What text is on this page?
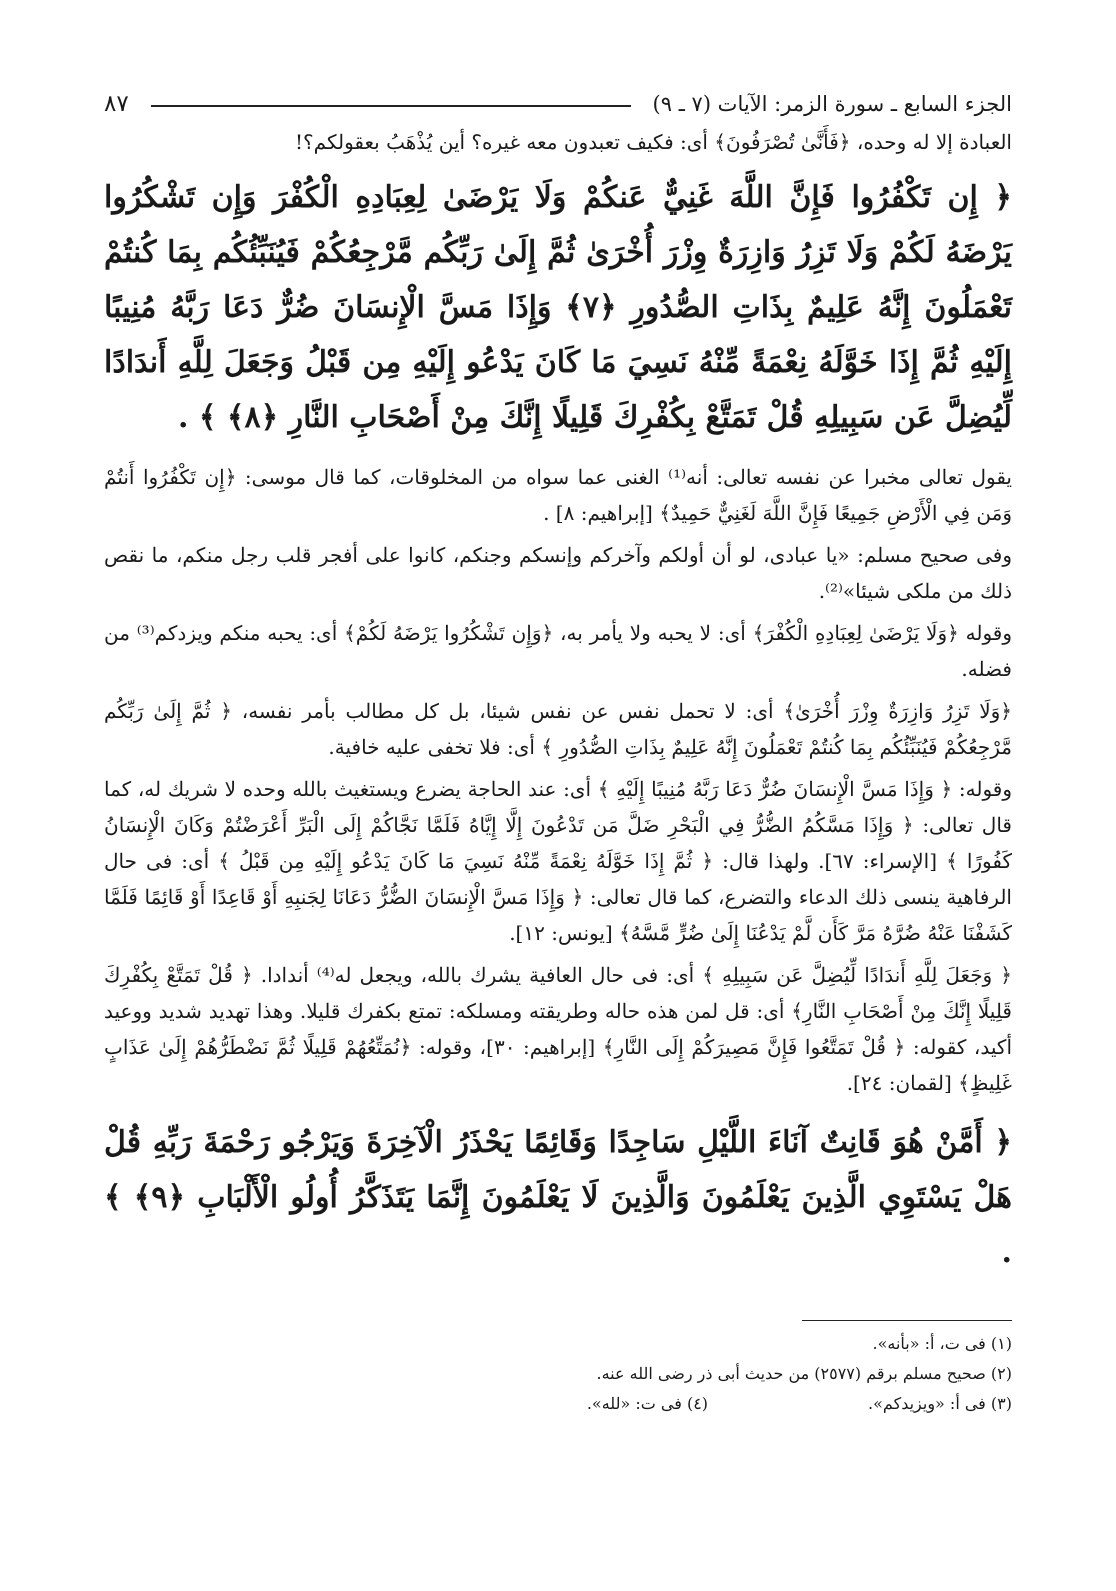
الجزء السابع ـ سورة الزمر: الآيات (٧ ـ ٩)
٨٧

العبادة إلا له وحده، ﴿فَأَنَّىٰ تُصْرَفُونَ﴾ أى: فكيف تعبدون معه غيره؟ أين يُذْهَبُ بعقولكم؟!

﴿ إِن تَكْفُرُوا فَإِنَّ اللَّهَ غَنِيٌّ عَنكُمْ وَلَا يَرْضَىٰ لِعِبَادِهِ الْكُفْرَ وَإِن تَشْكُرُوا يَرْضَهُ لَكُمْ وَلَا تَزِرُ وَازِرَةٌ وِزْرَ أُخْرَىٰ ثُمَّ إِلَىٰ رَبِّكُم مَّرْجِعُكُمْ فَيُنَبِّئُكُم بِمَا كُنتُمْ تَعْمَلُونَ إِنَّهُ عَلِيمٌ بِذَاتِ الصُّدُورِ ﴿٧﴾ وَإِذَا مَسَّ الْإِنسَانَ ضُرٌّ دَعَا رَبَّهُ مُنِيبًا إِلَيْهِ ثُمَّ إِذَا خَوَّلَهُ نِعْمَةً مِّنْهُ نَسِيَ مَا كَانَ يَدْعُو إِلَيْهِ مِن قَبْلُ وَجَعَلَ لِلَّهِ أَندَادًا لِّيُضِلَّ عَن سَبِيلِهِ قُلْ تَمَتَّعْ بِكُفْرِكَ قَلِيلًا إِنَّكَ مِنْ أَصْحَابِ النَّارِ ﴿٨﴾ ﴾ .

يقول تعالى مخبرا عن نفسه تعالى: أنه⁽¹⁾ الغنى عما سواه من المخلوقات، كما قال موسى: ﴿إِن تَكْفُرُوا أَنتُمْ وَمَن فِي الْأَرْضِ جَمِيعًا فَإِنَّ اللَّهَ لَغَنِيٌّ حَمِيدٌ﴾ [إبراهيم: ٨] .

وفى صحيح مسلم: «يا عبادى، لو أن أولكم وآخركم وإنسكم وجنكم، كانوا على أفجر قلب رجل منكم، ما نقص ذلك من ملكى شيئا»⁽²⁾.

وقوله ﴿وَلَا يَرْضَىٰ لِعِبَادِهِ الْكُفْرَ﴾ أى: لا يحبه ولا يأمر به، ﴿وَإِن تَشْكُرُوا يَرْضَهُ لَكُمْ﴾ أى: يحبه منكم ويزدكم⁽³⁾ من فضله.

﴿وَلَا تَزِرُ وَازِرَةٌ وِزْرَ أُخْرَىٰ﴾ أى: لا تحمل نفس عن نفس شيئا، بل كل مطالب بأمر نفسه، ﴿ ثُمَّ إِلَىٰ رَبِّكُم مَّرْجِعُكُمْ فَيُنَبِّئُكُم بِمَا كُنتُمْ تَعْمَلُونَ إِنَّهُ عَلِيمٌ بِذَاتِ الصُّدُورِ ﴾ أى: فلا تخفى عليه خافية.

وقوله: ﴿ وَإِذَا مَسَّ الْإِنسَانَ ضُرٌّ دَعَا رَبَّهُ مُنِيبًا إِلَيْهِ ﴾ أى: عند الحاجة يضرع ويستغيث بالله وحده لا شريك له، كما قال تعالى: ﴿ وَإِذَا مَسَّكُمُ الضُّرُّ فِي الْبَحْرِ ضَلَّ مَن تَدْعُونَ إِلَّا إِيَّاهُ فَلَمَّا نَجَّاكُمْ إِلَى الْبَرِّ أَعْرَضْتُمْ وَكَانَ الْإِنسَانُ كَفُورًا ﴾ [الإسراء: ٦٧]. ولهذا قال: ﴿ ثُمَّ إِذَا خَوَّلَهُ نِعْمَةً مِّنْهُ نَسِيَ مَا كَانَ يَدْعُو إِلَيْهِ مِن قَبْلُ ﴾ أى: فى حال الرفاهية ينسى ذلك الدعاء والتضرع، كما قال تعالى: ﴿ وَإِذَا مَسَّ الْإِنسَانَ الضُّرُّ دَعَانَا لِجَنبِهِ أَوْ قَاعِدًا أَوْ قَائِمًا فَلَمَّا كَشَفْنَا عَنْهُ ضُرَّهُ مَرَّ كَأَن لَّمْ يَدْعُنَا إِلَىٰ ضُرٍّ مَّسَّهُ﴾ [يونس: ١٢].

﴿ وَجَعَلَ لِلَّهِ أَندَادًا لِّيُضِلَّ عَن سَبِيلِهِ ﴾ أى: فى حال العافية يشرك بالله، ويجعل له⁽⁴⁾ أندادا. ﴿ قُلْ تَمَتَّعْ بِكُفْرِكَ قَلِيلًا إِنَّكَ مِنْ أَصْحَابِ النَّارِ﴾ أى: قل لمن هذه حاله وطريقته ومسلكه: تمتع بكفرك قليلا. وهذا تهديد شديد ووعيد أكيد، كقوله: ﴿ قُلْ تَمَتَّعُوا فَإِنَّ مَصِيرَكُمْ إِلَى النَّارِ﴾ [إبراهيم: ٣٠]، وقوله: ﴿نُمَتِّعُهُمْ قَلِيلًا ثُمَّ نَضْطَرُّهُمْ إِلَىٰ عَذَابٍ غَلِيظٍ﴾ [لقمان: ٢٤].

﴿ أَمَّنْ هُوَ قَانِتٌ آنَاءَ اللَّيْلِ سَاجِدًا وَقَائِمًا يَحْذَرُ الْآخِرَةَ وَيَرْجُو رَحْمَةَ رَبِّهِ قُلْ هَلْ يَسْتَوِي الَّذِينَ يَعْلَمُونَ وَالَّذِينَ لَا يَعْلَمُونَ إِنَّمَا يَتَذَكَّرُ أُولُو الْأَلْبَابِ ﴿٩﴾ ﴾ .

(١) فى ت، أ: «بأنه».
(٢) صحيح مسلم برقم (٢٥٧٧) من حديث أبى ذر رضى الله عنه.
(٣) فى أ: «ويزيدكم».
(٤) فى ت: «لله».
